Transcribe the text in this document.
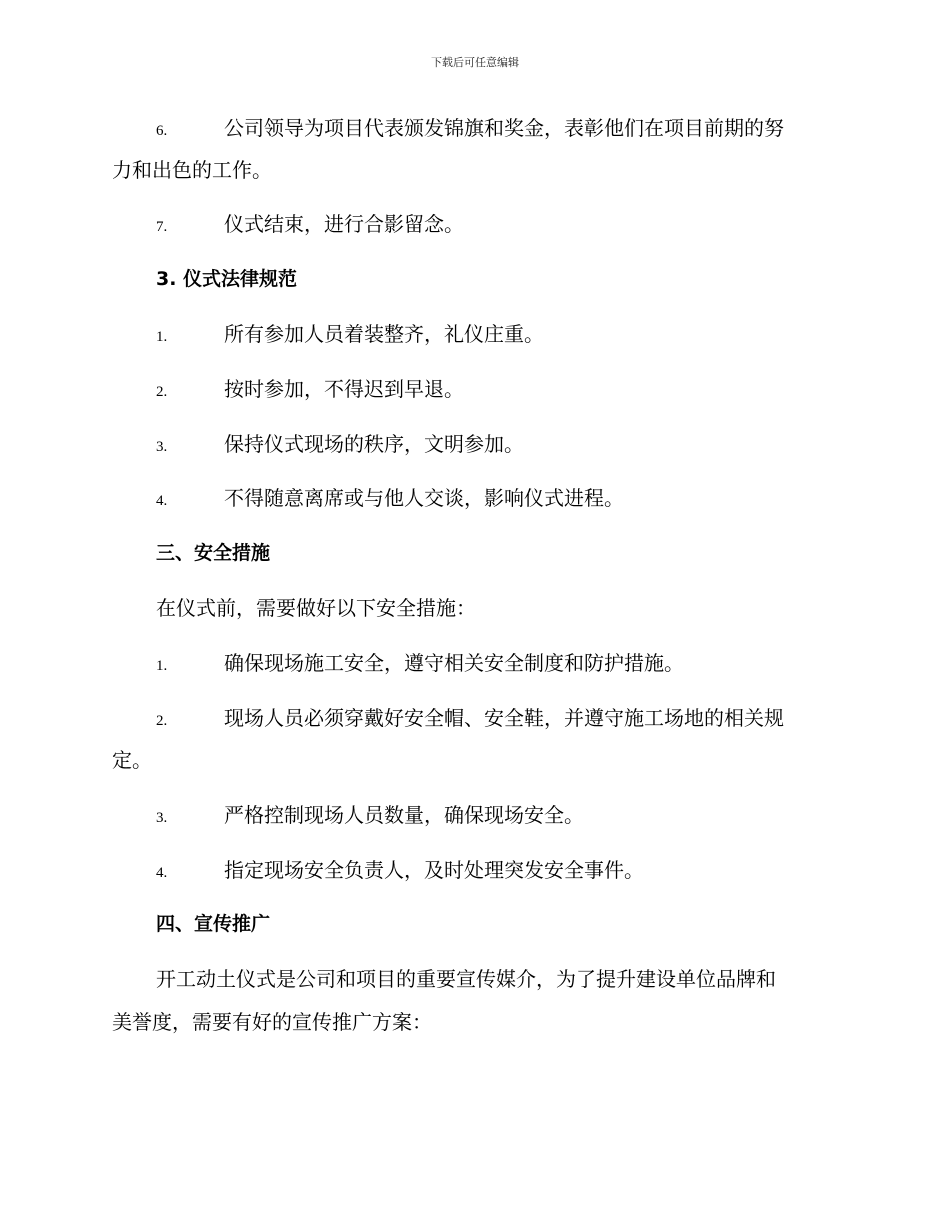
下载后可任意编辑
6.	公司领导为项目代表颁发锦旗和奖金，表彰他们在项目前期的努
力和出色的工作。
7.	仪式结束，进行合影留念。
3. 仪式法律规范
1.	所有参加人员着装整齐，礼仪庄重。
2.	按时参加，不得迟到早退。
3.	保持仪式现场的秩序，文明参加。
4.	不得随意离席或与他人交谈，影响仪式进程。
三、安全措施
在仪式前，需要做好以下安全措施：
1.	确保现场施工安全，遵守相关安全制度和防护措施。
2.	现场人员必须穿戴好安全帽、安全鞋，并遵守施工场地的相关规
定。
3.	严格控制现场人员数量，确保现场安全。
4.	指定现场安全负责人，及时处理突发安全事件。
四、宣传推广
开工动土仪式是公司和项目的重要宣传媒介，为了提升建设单位品牌和
美誉度，需要有好的宣传推广方案：
